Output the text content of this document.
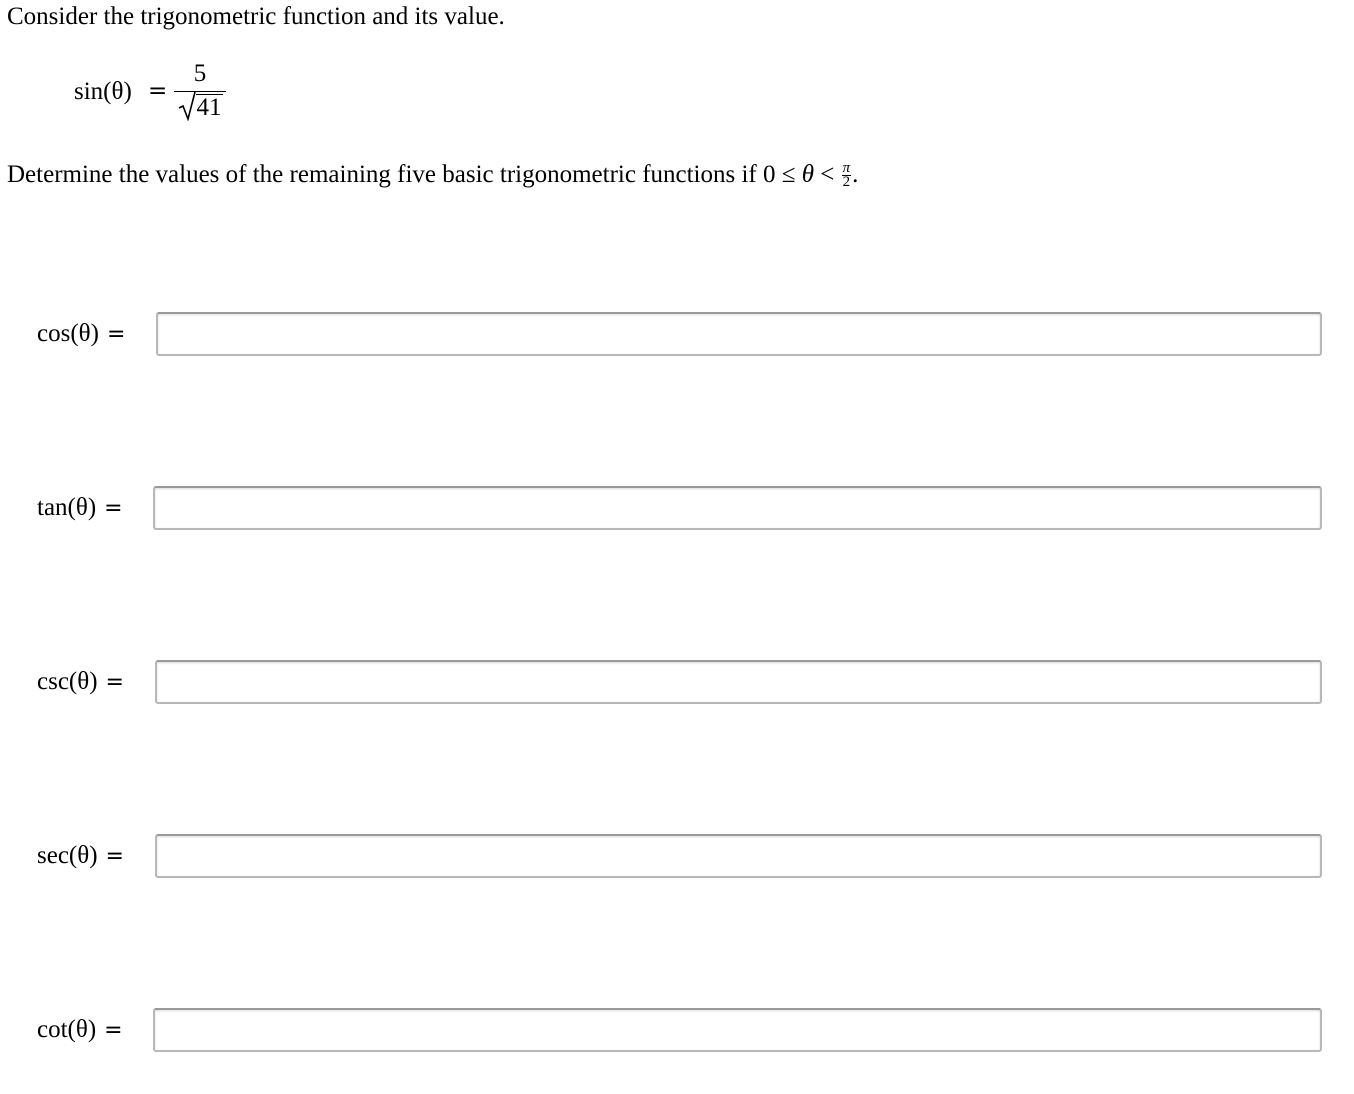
Consider the trigonometric function and its value.
sin(θ) =
5
41
Determine the values of the remaining five basic trigonometric functions if $0 \le \theta < \frac{\pi}{2}$ .
cos(θ) =
tan(θ) =
csc(θ) =
sec(θ) =
cot(θ) =
